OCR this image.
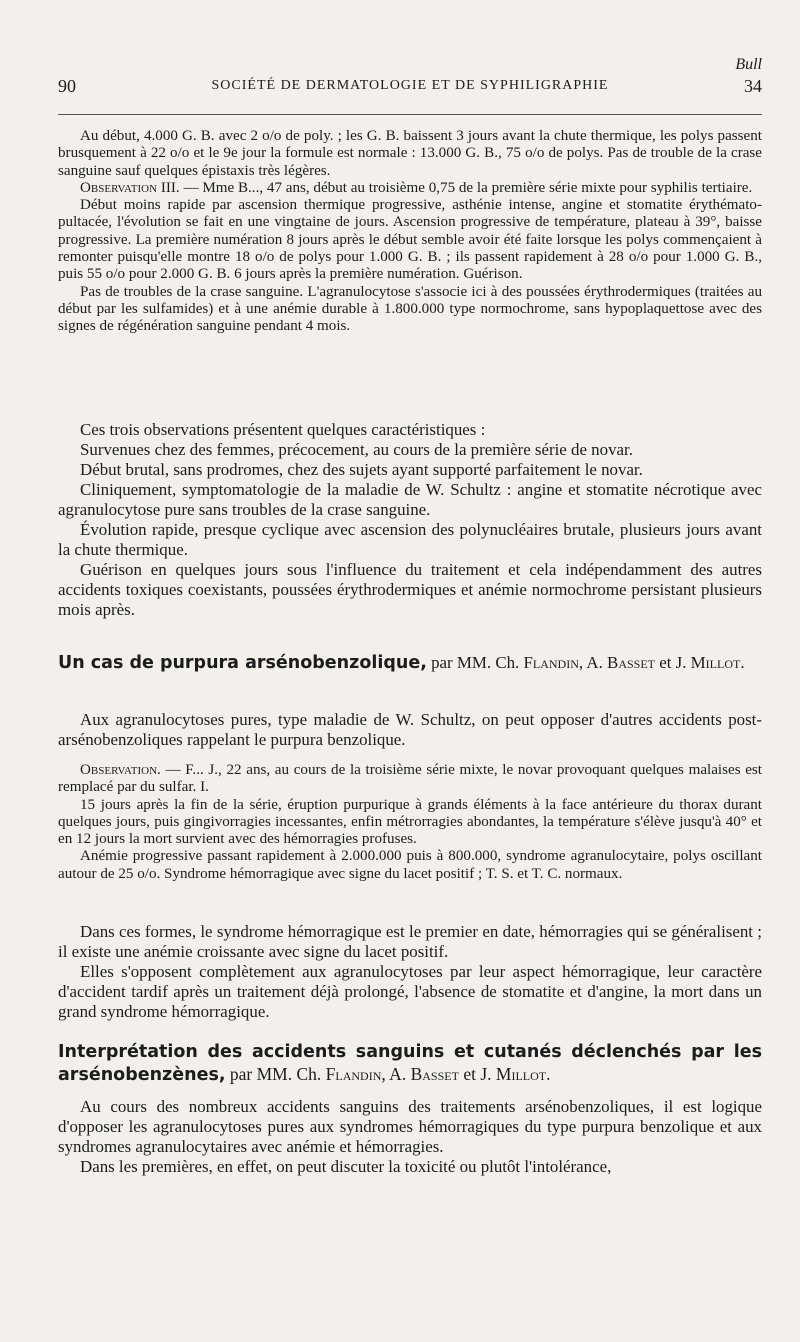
Bull
90	SOCIÉTÉ DE DERMATOLOGIE ET DE SYPHILIGRAPHIE	34

Au début, 4.000 G. B. avec 2 o/o de poly. ; les G. B. baissent 3 jours avant la chute thermique, les polys passent brusquement à 22 o/o et le 9e jour la formule est normale : 13.000 G. B., 75 o/o de polys. Pas de trouble de la crase sanguine sauf quelques épistaxis très légères.

Observation III. — Mme B..., 47 ans, début au troisième 0,75 de la première série mixte pour syphilis tertiaire.

Début moins rapide par ascension thermique progressive, asthénie intense, angine et stomatite érythémato-pultacée, l'évolution se fait en une vingtaine de jours. Ascension progressive de température, plateau à 39°, baisse progressive. La première numération 8 jours après le début semble avoir été faite lorsque les polys commençaient à remonter puisqu'elle montre 18 o/o de polys pour 1.000 G. B. ; ils passent rapidement à 28 o/o pour 1.000 G. B., puis 55 o/o pour 2.000 G. B. 6 jours après la première numération. Guérison.

Pas de troubles de la crase sanguine. L'agranulocytose s'associe ici à des poussées érythrodermiques (traitées au début par les sulfamides) et à une anémie durable à 1.800.000 type normochrome, sans hypoplaquettose avec des signes de régénération sanguine pendant 4 mois.

Ces trois observations présentent quelques caractéristiques :

Survenues chez des femmes, précocement, au cours de la première série de novar.

Début brutal, sans prodromes, chez des sujets ayant supporté parfaitement le novar.

Cliniquement, symptomatologie de la maladie de W. Schultz : angine et stomatite nécrotique avec agranulocytose pure sans troubles de la crase sanguine.

Évolution rapide, presque cyclique avec ascension des polynucléaires brutale, plusieurs jours avant la chute thermique.

Guérison en quelques jours sous l'influence du traitement et cela indépendamment des autres accidents toxiques coexistants, poussées érythrodermiques et anémie normochrome persistant plusieurs mois après.

Un cas de purpura arsénobenzolique, par MM. Ch. Flandin, A. Basset et J. Millot.

Aux agranulocytoses pures, type maladie de W. Schultz, on peut opposer d'autres accidents post-arsénobenzoliques rappelant le purpura benzolique.

Observation. — F... J., 22 ans, au cours de la troisième série mixte, le novar provoquant quelques malaises est remplacé par du sulfar. I.

15 jours après la fin de la série, éruption purpurique à grands éléments à la face antérieure du thorax durant quelques jours, puis gingivorragies incessantes, enfin métrorragies abondantes, la température s'élève jusqu'à 40° et en 12 jours la mort survient avec des hémorragies profuses.

Anémie progressive passant rapidement à 2.000.000 puis à 800.000, syndrome agranulocytaire, polys oscillant autour de 25 o/o. Syndrome hémorragique avec signe du lacet positif ; T. S. et T. C. normaux.

Dans ces formes, le syndrome hémorragique est le premier en date, hémorragies qui se généralisent ; il existe une anémie croissante avec signe du lacet positif.

Elles s'opposent complètement aux agranulocytoses par leur aspect hémorragique, leur caractère d'accident tardif après un traitement déjà prolongé, l'absence de stomatite et d'angine, la mort dans un grand syndrome hémorragique.

Interprétation des accidents sanguins et cutanés déclenchés par les arsénobenzènes, par MM. Ch. Flandin, A. Basset et J. Millot.

Au cours des nombreux accidents sanguins des traitements arsénobenzoliques, il est logique d'opposer les agranulocytoses pures aux syndromes hémorragiques du type purpura benzolique et aux syndromes agranulocytaires avec anémie et hémorragies.

Dans les premières, en effet, on peut discuter la toxicité ou plutôt l'intolérance,
